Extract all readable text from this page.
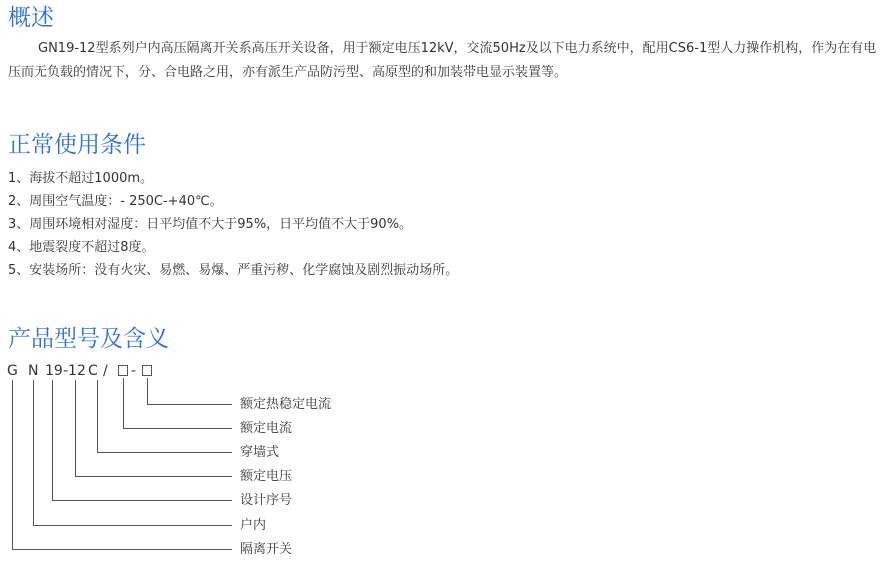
概述

GN19-12型系列户内高压隔离开关系高压开关设备，用于额定电压12kV，交流50Hz及以下电力系统中，配用CS6-1型人力操作机构，作为在有电压而无负载的情况下，分、合电路之用，亦有派生产品防污型、高原型的和加装带电显示装置等。

正常使用条件
1、海拔不超过1000m。
2、周围空气温度：- 250C-+40℃。
3、周围环境相对湿度：日平均值不大于95%，日平均值不大于90%。
4、地震裂度不超过8度。
5、安装场所：没有火灾、易燃、易爆、严重污秽、化学腐蚀及剧烈振动场所。
产品型号及含义
G N 19 -12 C / -
额定热稳定电流
额定电流
穿墙式
额定电压
设计序号
户内
隔离开关
